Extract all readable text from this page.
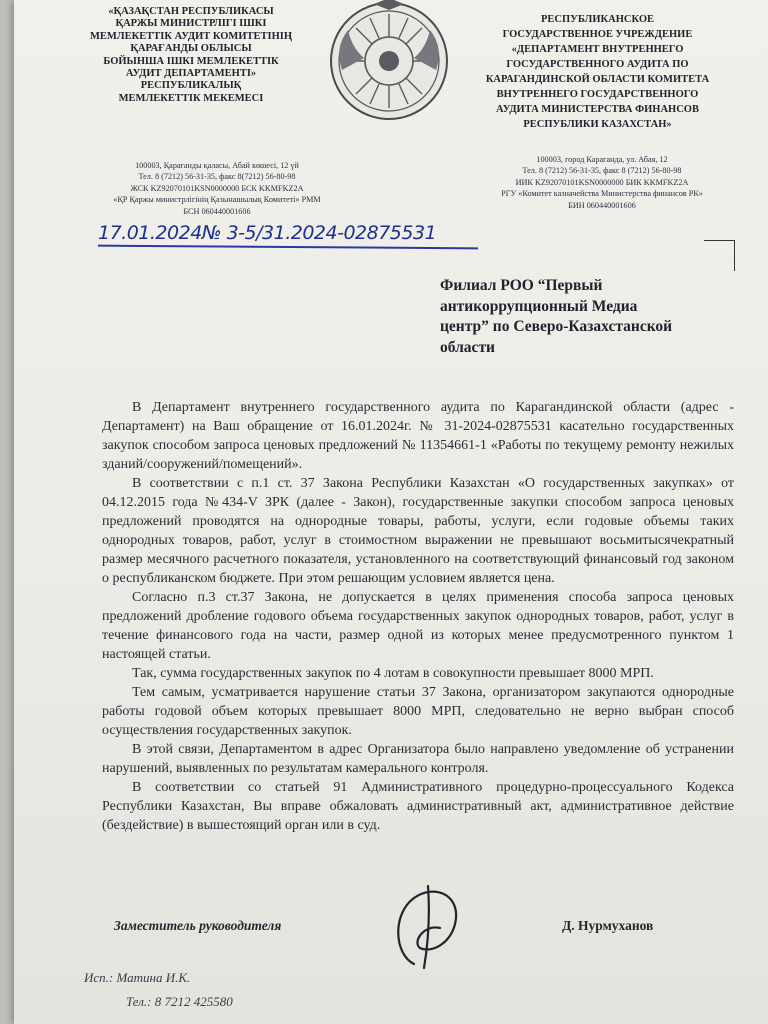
«ҚАЗАҚСТАН РЕСПУБЛИКАСЫ
ҚАРЖЫ МИНИСТРЛІГІ ІШКІ
МЕМЛЕКЕТТІК АУДИТ КОМИТЕТІНІҢ
ҚАРАҒАНДЫ ОБЛЫСЫ
БОЙЫНША ІШКІ МЕМЛЕКЕТТІК
АУДИТ ДЕПАРТАМЕНТІ»
РЕСПУБЛИКАЛЫҚ
МЕМЛЕКЕТТІК МЕКЕМЕСІ
РЕСПУБЛИКАНСКОЕ
ГОСУДАРСТВЕННОЕ УЧРЕЖДЕНИЕ
«ДЕПАРТАМЕНТ ВНУТРЕННЕГО
ГОСУДАРСТВЕННОГО АУДИТА ПО
КАРАГАНДИНСКОЙ ОБЛАСТИ КОМИТЕТА
ВНУТРЕННЕГО ГОСУДАРСТВЕННОГО
АУДИТА МИНИСТЕРСТВА ФИНАНСОВ
РЕСПУБЛИКИ КАЗАХСТАН»
100003, Қарағанды қаласы, Абай көшесі, 12 үй
Тел. 8 (7212) 56-31-35, факс 8(7212) 56-80-98
ЖСК KZ92070101KSN0000000 БСК KKMFKZ2A
«ҚР Қаржы министрлігінің Қазынашылық Комитеті» РММ
БСН 060440001606
100003, город Караганда, ул. Абая, 12
Тел. 8 (7212) 56-31-35, факс 8 (7212) 56-80-98
ИИК KZ92070101KSN0000000 БИК KKMFKZ2A
РГУ «Комитет казначейства Министерства финансов РК»
БИН 060440001606
17.01.2024№ 3-5/31.2024-02875531
Филиал РОО “Первый
антикоррупционный Медиа
центр” по Северо-Казахстанской
области

В Департамент внутреннего государственного аудита по Карагандинской области (адрес - Департамент) на Ваш обращение от 16.01.2024г. № 31-2024-02875531 касательно государственных закупок способом запроса ценовых предложений № 11354661-1 «Работы по текущему ремонту нежилых зданий/сооружений/помещений».

В соответствии с п.1 ст. 37 Закона Республики Казахстан «О государственных закупках» от 04.12.2015 года №434-V ЗРК (далее - Закон), государственные закупки способом запроса ценовых предложений проводятся на однородные товары, работы, услуги, если годовые объемы таких однородных товаров, работ, услуг в стоимостном выражении не превышают восьмитысячекратный размер месячного расчетного показателя, установленного на соответствующий финансовый год законом о республиканском бюджете. При этом решающим условием является цена.

Согласно п.3 ст.37 Закона, не допускается в целях применения способа запроса ценовых предложений дробление годового объема государственных закупок однородных товаров, работ, услуг в течение финансового года на части, размер одной из которых менее предусмотренного пунктом 1 настоящей статьи.

Так, сумма государственных закупок по 4 лотам в совокупности превышает 8000 МРП.

Тем самым, усматривается нарушение статьи 37 Закона, организатором закупаются однородные работы годовой объем которых превышает 8000 МРП, следовательно не верно выбран способ осуществления государственных закупок.

В этой связи, Департаментом в адрес Организатора было направлено уведомление об устранении нарушений, выявленных по результатам камерального контроля.

В соответствии со статьей 91 Административного процедурно-процессуального Кодекса Республики Казахстан, Вы вправе обжаловать административный акт, административное действие (бездействие) в вышестоящий орган или в суд.

Заместитель руководителя	Д. Нурмуханов
Исп.: Матина И.К.
Тел.: 8 7212 425580
